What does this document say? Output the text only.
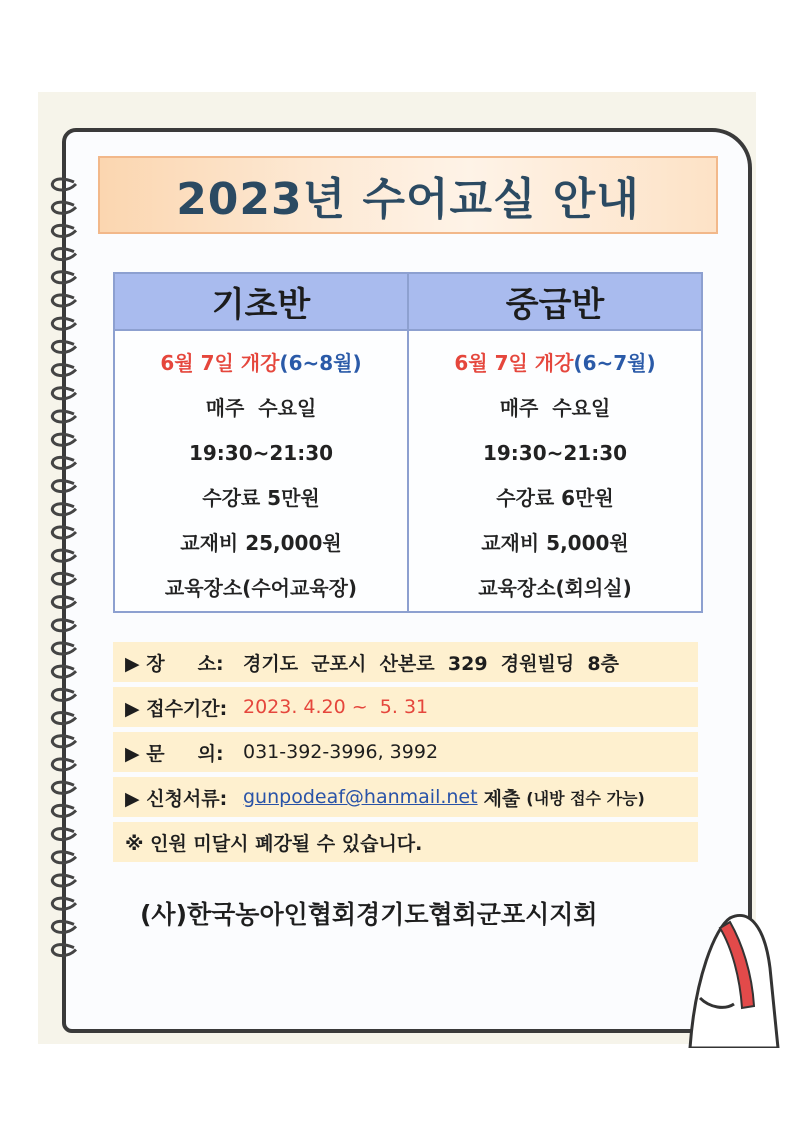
2023년 수어교실 안내
기초반
6월 7일 개강(6~8월)
매주  수요일
19:30~21:30
수강료 5만원
교재비 25,000원
교육장소(수어교육장)
중급반
6월 7일 개강(6~7월)
매주  수요일
19:30~21:30
수강료 6만원
교재비 5,000원
교육장소(회의실)
▶ 장     소:	경기도  군포시  산본로  329  경원빌딩  8층
▶ 접수기간: 2023. 4.20 ~  5. 31
▶ 문     의:	031-392-3996, 3992
▶ 신청서류: gunpodeaf@hanmail.net 제출 (내방 접수 가능)
※ 인원 미달시 폐강될 수 있습니다.
(사)한국농아인협회경기도협회군포시지회
